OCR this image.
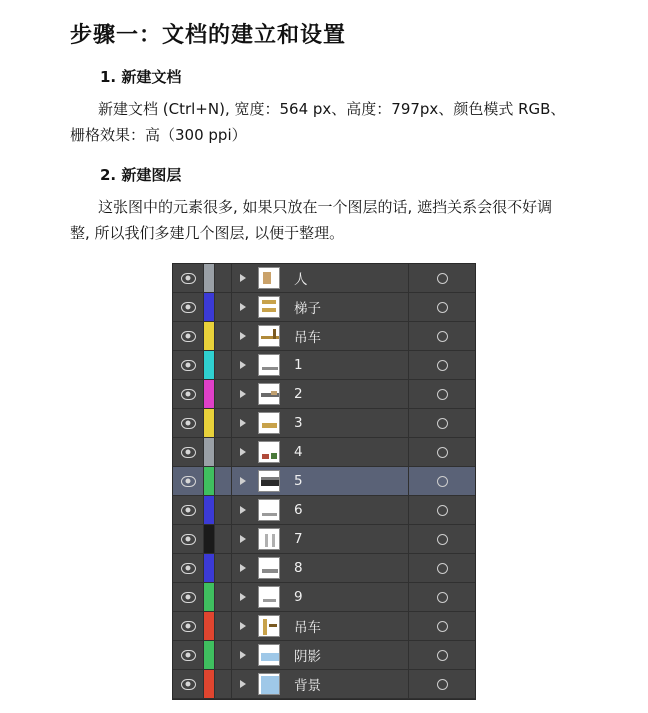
步骤一：文档的建立和设置
1. 新建文档
新建文档 (Ctrl+N), 宽度：564 px、高度：797px、颜色模式 RGB、栅格效果：高（300 ppi）
2. 新建图层
这张图中的元素很多, 如果只放在一个图层的话, 遮挡关系会很不好调整, 所以我们多建几个图层, 以便于整理。
人
梯子
吊车
1
2
3
4
5
6
7
8
9
吊车
阴影
背景
